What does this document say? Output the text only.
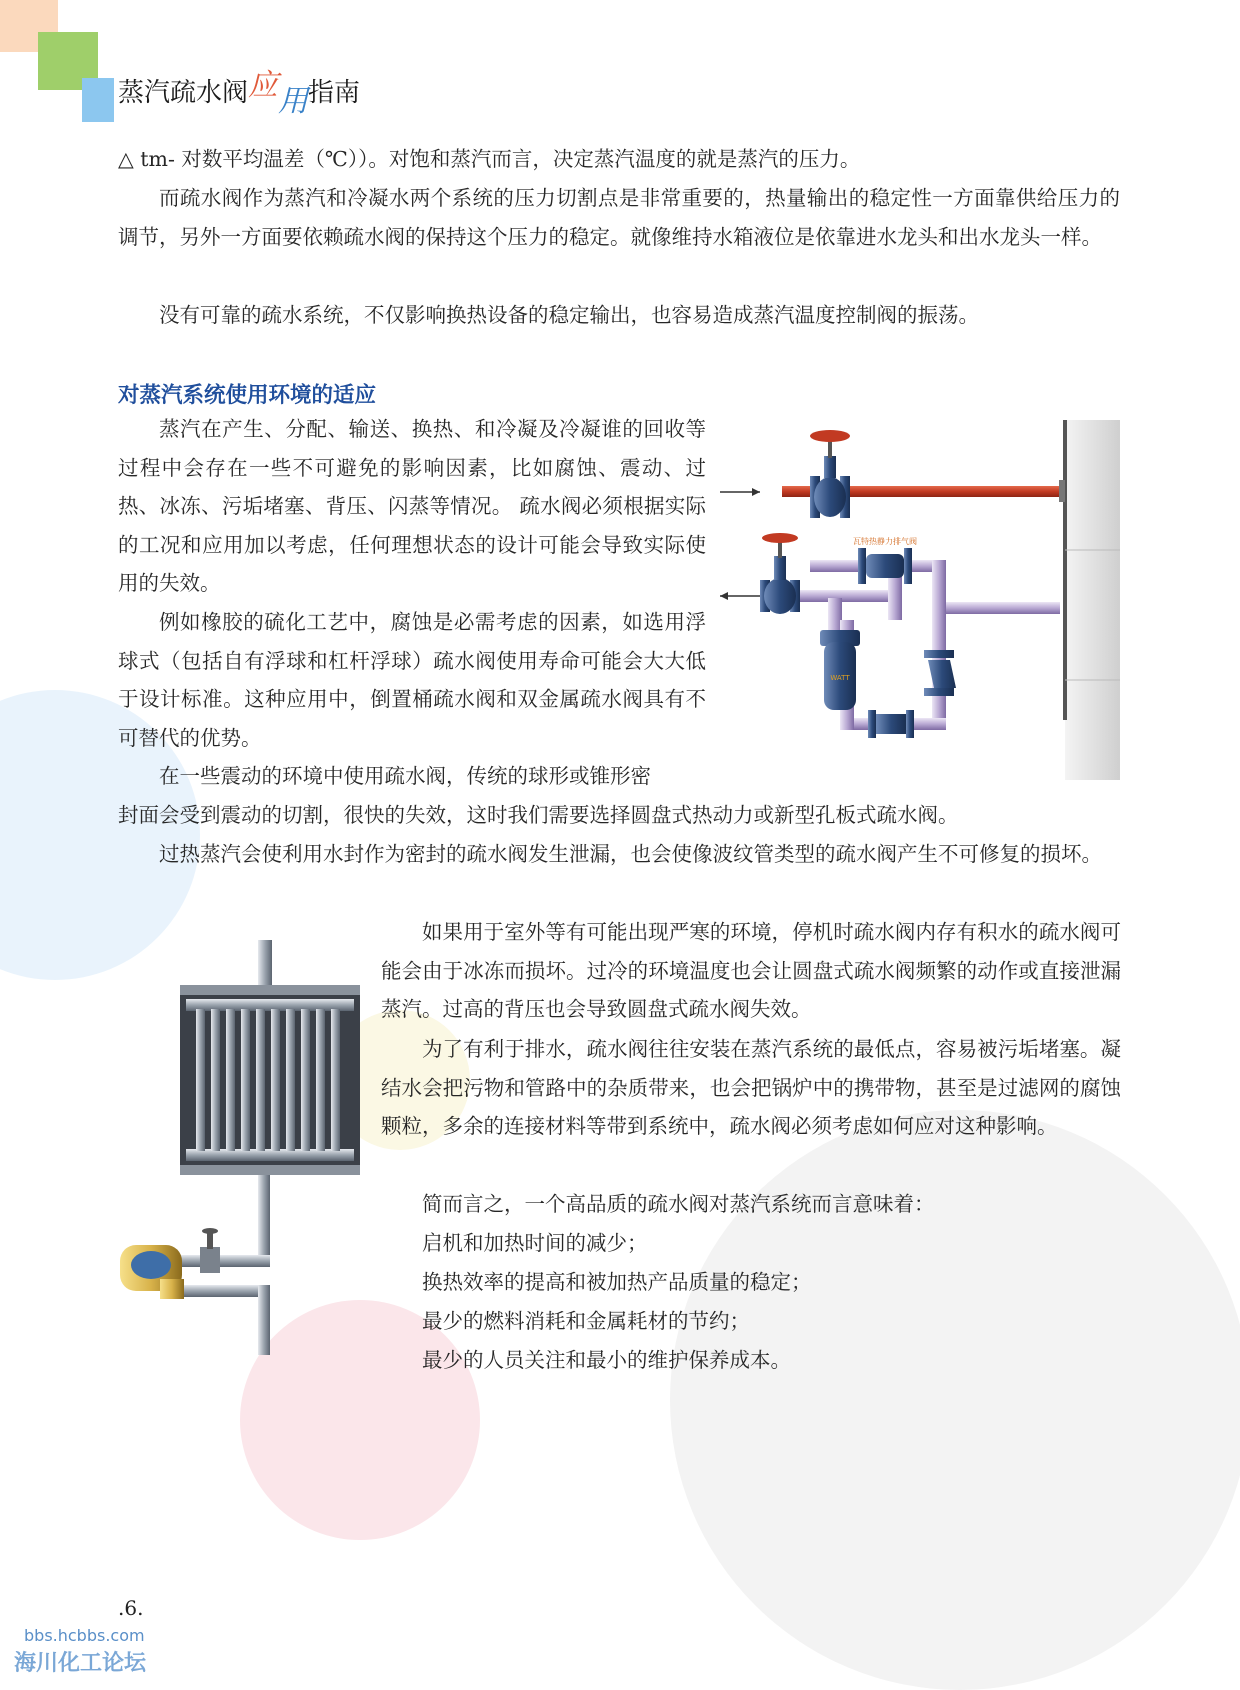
蒸汽疏水阀应用指南

△ tm- 对数平均温差（℃））。对饱和蒸汽而言，决定蒸汽温度的就是蒸汽的压力。

而疏水阀作为蒸汽和冷凝水两个系统的压力切割点是非常重要的，热量输出的稳定性一方面靠供给压力的调节，另外一方面要依赖疏水阀的保持这个压力的稳定。就像维持水箱液位是依靠进水龙头和出水龙头一样。

没有可靠的疏水系统，不仅影响换热设备的稳定输出，也容易造成蒸汽温度控制阀的振荡。

对蒸汽系统使用环境的适应

蒸汽在产生、分配、输送、换热、和冷凝及冷凝谁的回收等过程中会存在一些不可避免的影响因素，比如腐蚀、震动、过热、冰冻、污垢堵塞、背压、闪蒸等情况。 疏水阀必须根据实际的工况和应用加以考虑，任何理想状态的设计可能会导致实际使用的失效。

例如橡胶的硫化工艺中，腐蚀是必需考虑的因素，如选用浮球式（包括自有浮球和杠杆浮球）疏水阀使用寿命可能会大大低于设计标准。这种应用中，倒置桶疏水阀和双金属疏水阀具有不可替代的优势。

在一些震动的环境中使用疏水阀，传统的球形或锥形密

封面会受到震动的切割，很快的失效，这时我们需要选择圆盘式热动力或新型孔板式疏水阀。

过热蒸汽会使利用水封作为密封的疏水阀发生泄漏，也会使像波纹管类型的疏水阀产生不可修复的损坏。

如果用于室外等有可能出现严寒的环境，停机时疏水阀内存有积水的疏水阀可能会由于冰冻而损坏。过冷的环境温度也会让圆盘式疏水阀频繁的动作或直接泄漏蒸汽。过高的背压也会导致圆盘式疏水阀失效。

为了有利于排水，疏水阀往往安装在蒸汽系统的最低点，容易被污垢堵塞。凝结水会把污物和管路中的杂质带来，也会把锅炉中的携带物，甚至是过滤网的腐蚀颗粒，多余的连接材料等带到系统中，疏水阀必须考虑如何应对这种影响。

简而言之，一个高品质的疏水阀对蒸汽系统而言意味着：

启机和加热时间的减少；

换热效率的提高和被加热产品质量的稳定；

最少的燃料消耗和金属耗材的节约；

最少的人员关注和最小的维护保养成本。

瓦特热静力排气阀
WATT
.6.
bbs.hcbbs.com
海川化工论坛
